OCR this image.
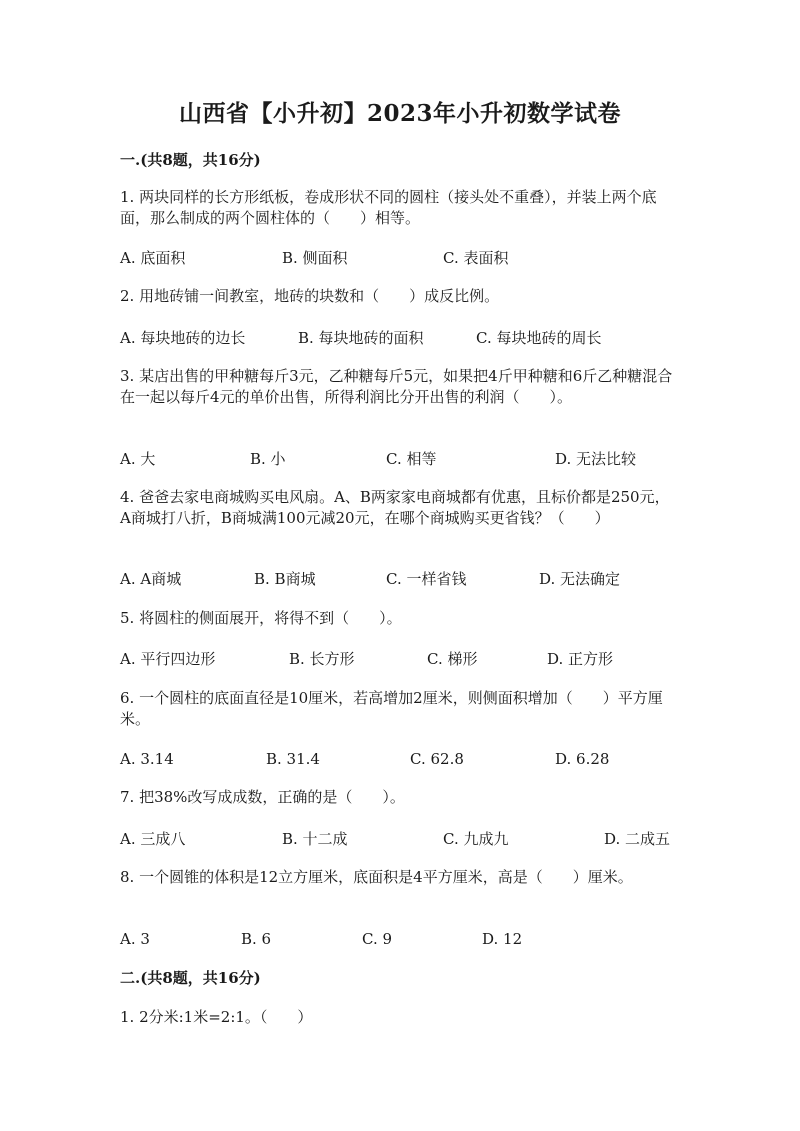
山西省【小升初】2023年小升初数学试卷
一.(共8题，共16分)
1. 两块同样的长方形纸板，卷成形状不同的圆柱（接头处不重叠），并装上两个底面，那么制成的两个圆柱体的（　　）相等。
A. 底面积	B. 侧面积	C. 表面积
2. 用地砖铺一间教室，地砖的块数和（　　）成反比例。
A. 每块地砖的边长	B. 每块地砖的面积	C. 每块地砖的周长
3. 某店出售的甲种糖每斤3元，乙种糖每斤5元，如果把4斤甲种糖和6斤乙种糖混合在一起以每斤4元的单价出售，所得利润比分开出售的利润（　　）。
A. 大	B. 小	C. 相等	D. 无法比较
4. 爸爸去家电商城购买电风扇。A、B两家家电商城都有优惠，且标价都是250元，A商城打八折，B商城满100元减20元，在哪个商城购买更省钱？（　　）
A. A商城	B. B商城	C. 一样省钱	D. 无法确定
5. 将圆柱的侧面展开，将得不到（　　）。
A. 平行四边形	B. 长方形	C. 梯形	D. 正方形
6. 一个圆柱的底面直径是10厘米，若高增加2厘米，则侧面积增加（　　）平方厘米。
A. 3.14	B. 31.4	C. 62.8	D. 6.28
7. 把38%改写成成数，正确的是（　　）。
A. 三成八	B. 十二成	C. 九成九	D. 二成五
8. 一个圆锥的体积是12立方厘米，底面积是4平方厘米，高是（　　）厘米。
A. 3	B. 6	C. 9	D. 12
二.(共8题，共16分)
1. 2分米:1米=2:1。（　　）
